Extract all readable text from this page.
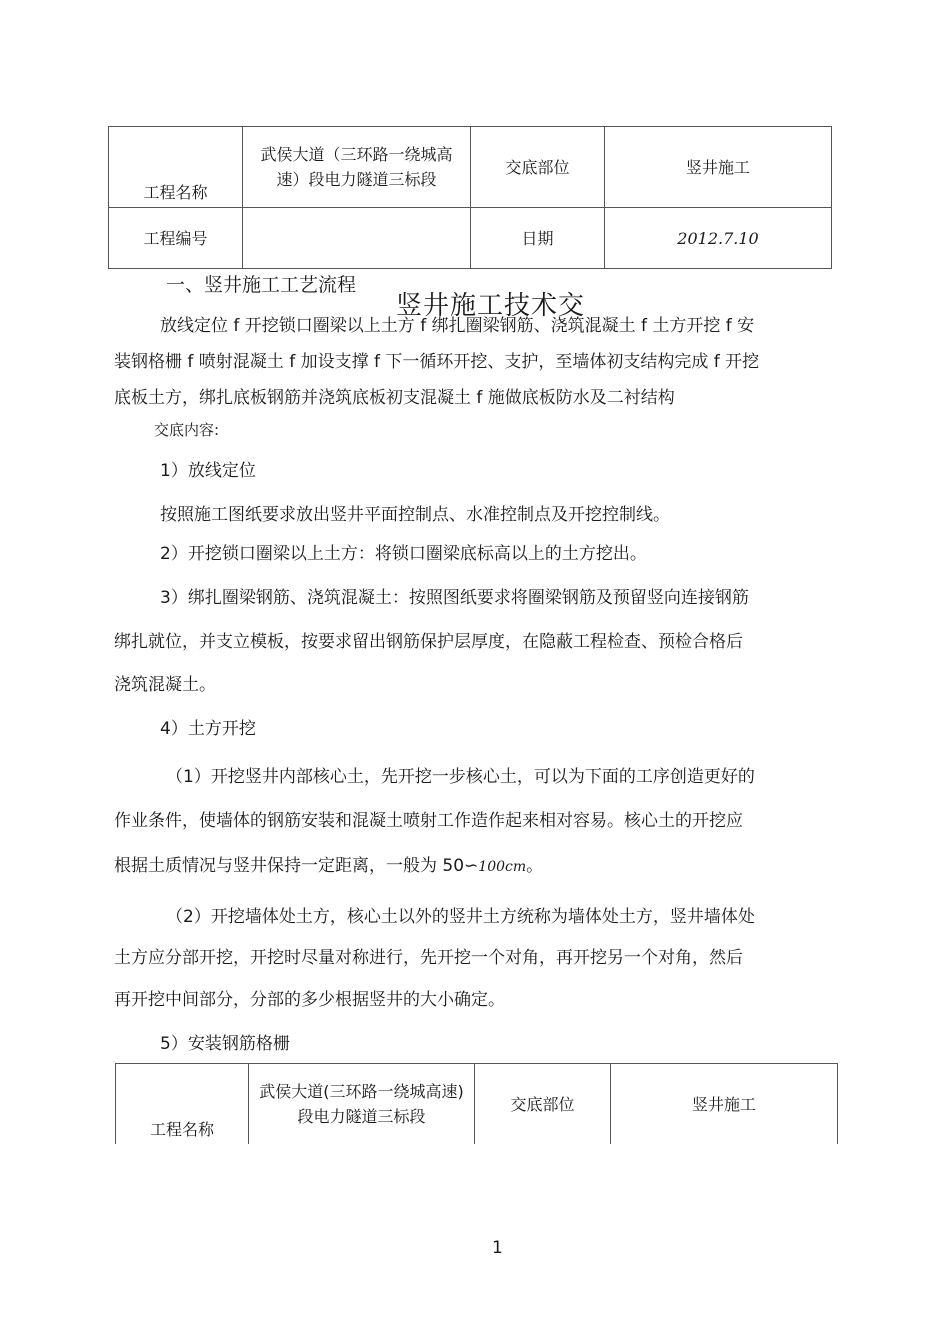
工程名称	武侯大道（三环路一绕城高速）段电力隧道三标段	交底部位	竖井施工
工程编号		日期	2012.7.10
一、竖井施工工艺流程
竖井施工技术交
放线定位 f 开挖锁口圈梁以上土方 f 绑扎圈梁钢筋、浇筑混凝土 f 土方开挖 f 安
装钢格栅 f 喷射混凝土 f 加设支撑 f 下一循环开挖、支护，至墙体初支结构完成 f 开挖
底板土方，绑扎底板钢筋并浇筑底板初支混凝土 f 施做底板防水及二衬结构
交底内容:
1）放线定位
按照施工图纸要求放出竖井平面控制点、水准控制点及开挖控制线。
2）开挖锁口圈梁以上土方：将锁口圈梁底标高以上的土方挖出。
3）绑扎圈梁钢筋、浇筑混凝土：按照图纸要求将圈梁钢筋及预留竖向连接钢筋
绑扎就位，并支立模板，按要求留出钢筋保护层厚度，在隐蔽工程检查、预检合格后
浇筑混凝土。
4）土方开挖
（1）开挖竖井内部核心土，先开挖一步核心土，可以为下面的工序创造更好的
作业条件，使墙体的钢筋安装和混凝土喷射工作造作起来相对容易。核心土的开挖应
根据土质情况与竖井保持一定距离，一般为 50∽100cm。
（2）开挖墙体处土方，核心土以外的竖井土方统称为墙体处土方，竖井墙体处
土方应分部开挖，开挖时尽量对称进行，先开挖一个对角，再开挖另一个对角，然后
再开挖中间部分，分部的多少根据竖井的大小确定。
5）安装钢筋格栅
工程名称	武侯大道(三环路一绕城高速)段电力隧道三标段	交底部位	竖井施工
1
